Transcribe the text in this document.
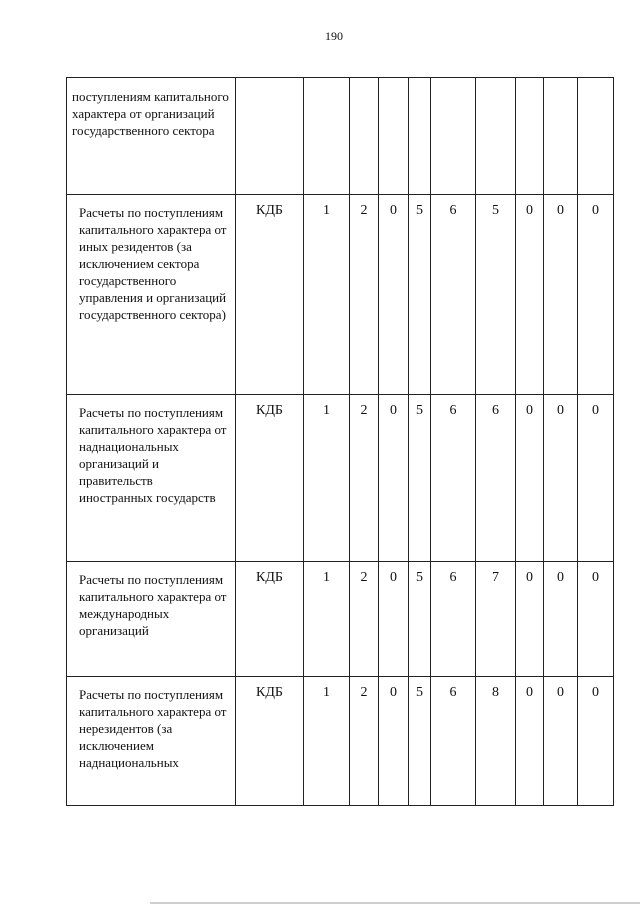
190
поступлениям капитального характера от организаций государственного сектора										
Расчеты по поступлениям капитального характера от иных резидентов (за исключением сектора государственного управления и организаций государственного сектора)	КДБ	1	2	0	5	6	5	0	0	0
Расчеты по поступлениям капитального характера от наднациональных организаций и правительств иностранных государств	КДБ	1	2	0	5	6	6	0	0	0
Расчеты по поступлениям капитального характера от международных организаций	КДБ	1	2	0	5	6	7	0	0	0
Расчеты по поступлениям капитального характера от нерезидентов (за исключением наднациональных	КДБ	1	2	0	5	6	8	0	0	0
